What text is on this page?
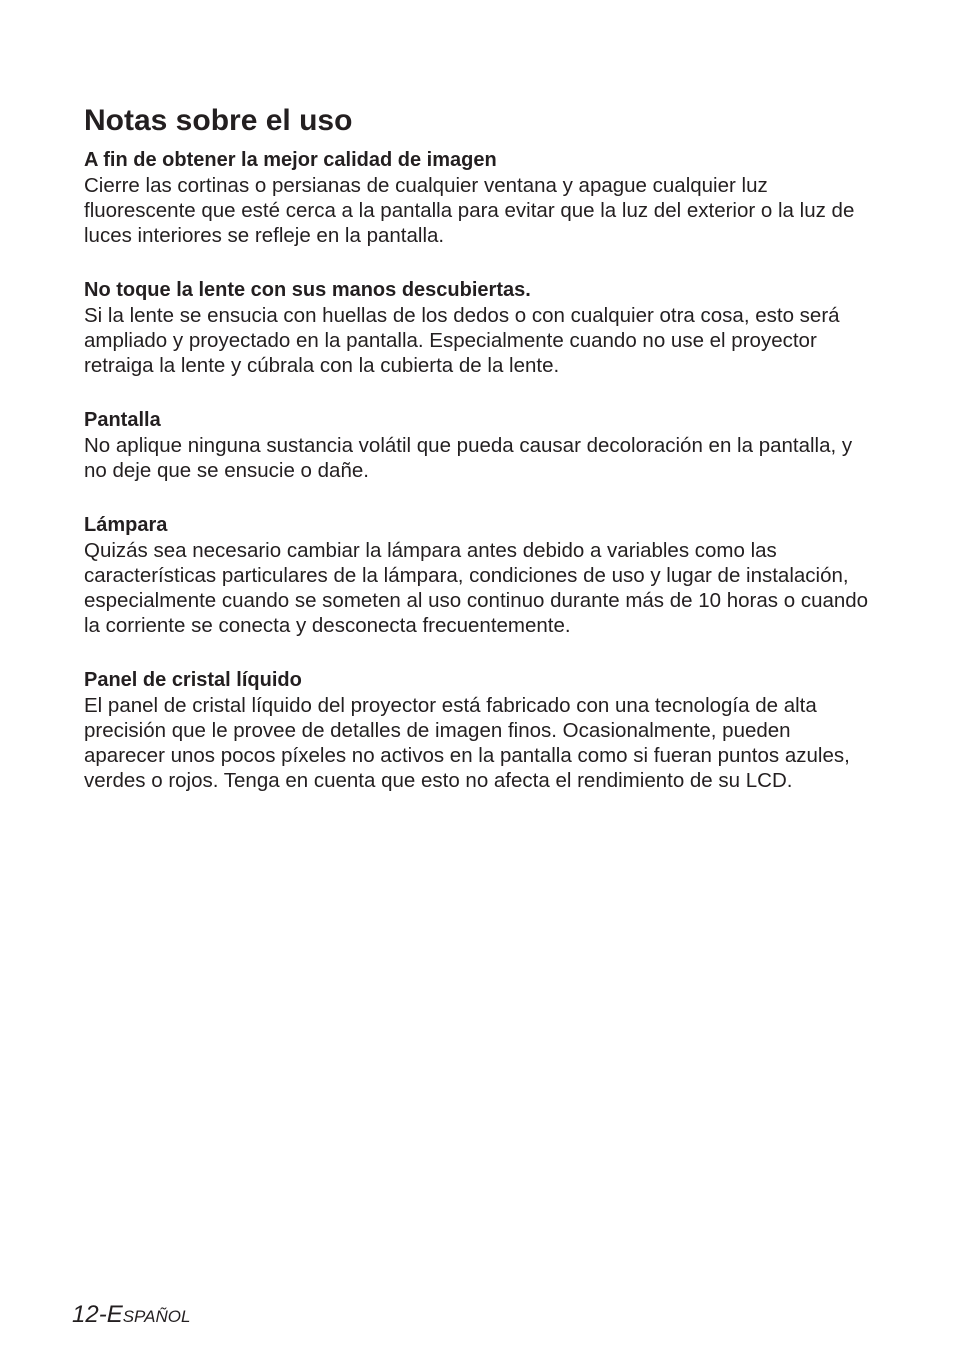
Notas sobre el uso

A fin de obtener la mejor calidad de imagen

Cierre las cortinas o persianas de cualquier ventana y apague cualquier luz fluorescente que esté cerca a la pantalla para evitar que la luz del exterior o la luz de luces interiores se refleje en la pantalla.

No toque la lente con sus manos descubiertas.

Si la lente se ensucia con huellas de los dedos o con cualquier otra cosa, esto será ampliado y proyectado en la pantalla. Especialmente cuando no use el proyector retraiga la lente y cúbrala con la cubierta de la lente.

Pantalla

No aplique ninguna sustancia volátil que pueda causar decoloración en la pantalla, y no deje que se ensucie o dañe.

Lámpara

Quizás sea necesario cambiar la lámpara antes debido a variables como las características particulares de la lámpara, condiciones de uso y lugar de instalación, especialmente cuando se someten al uso continuo durante más de 10 horas o cuando la corriente se conecta y desconecta frecuentemente.

Panel de cristal líquido

El panel de cristal líquido del proyector está fabricado con una tecnología de alta precisión que le provee de detalles de imagen finos. Ocasionalmente, pueden aparecer unos pocos píxeles no activos en la pantalla como si fueran puntos azules, verdes o rojos. Tenga en cuenta que esto no afecta el rendimiento de su LCD.

12-Español
